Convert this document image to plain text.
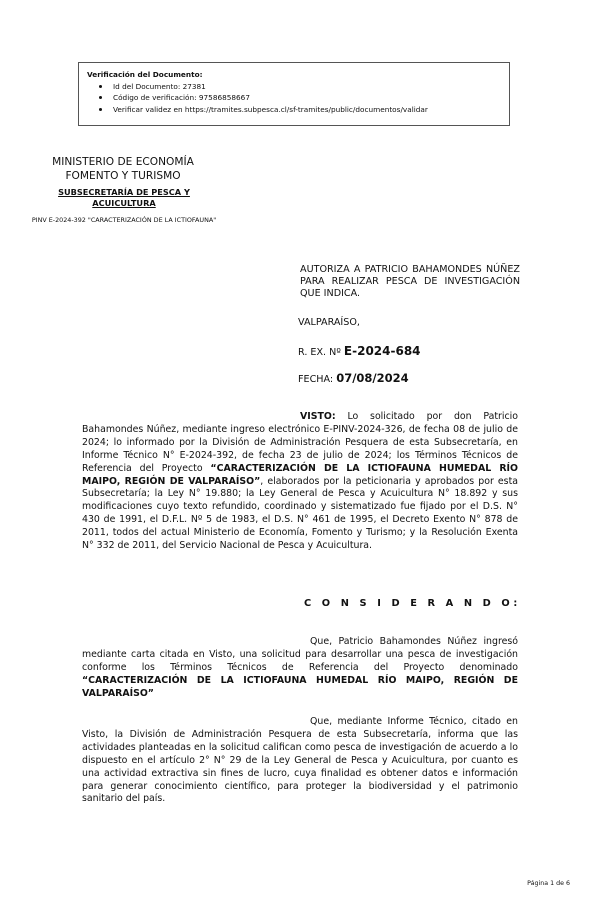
Verificación del Documento:
Id del Documento: 27381
Código de verificación: 97586858667
Verificar validez en https://tramites.subpesca.cl/sf-tramites/public/documentos/validar
MINISTERIO DE ECONOMÍA
FOMENTO Y TURISMO
SUBSECRETARÍA DE PESCA Y ACUICULTURA
PINV E-2024-392 "CARACTERIZACIÓN DE LA ICTIOFAUNA"
AUTORIZA A PATRICIO BAHAMONDES NÚÑEZ PARA REALIZAR PESCA DE INVESTIGACIÓN QUE INDICA.
VALPARAÍSO,
R. EX. Nº E-2024-684
FECHA: 07/08/2024
VISTO: Lo solicitado por don Patricio Bahamondes Núñez, mediante ingreso electrónico E-PINV-2024-326, de fecha 08 de julio de 2024; lo informado por la División de Administración Pesquera de esta Subsecretaría, en Informe Técnico N° E-2024-392, de fecha 23 de julio de 2024; los Términos Técnicos de Referencia del Proyecto “CARACTERIZACIÓN DE LA ICTIOFAUNA HUMEDAL RÍO MAIPO, REGIÓN DE VALPARAÍSO”, elaborados por la peticionaria y aprobados por esta Subsecretaría; la Ley N° 19.880; la Ley General de Pesca y Acuicultura N° 18.892 y sus modificaciones cuyo texto refundido, coordinado y sistematizado fue fijado por el D.S. N° 430 de 1991, el D.F.L. Nº 5 de 1983, el D.S. N° 461 de 1995, el Decreto Exento N° 878 de 2011, todos del actual Ministerio de Economía, Fomento y Turismo; y la Resolución Exenta N° 332 de 2011, del Servicio Nacional de Pesca y Acuicultura.
C O N S I D E R A N D O:
Que, Patricio Bahamondes Núñez ingresó mediante carta citada en Visto, una solicitud para desarrollar una pesca de investigación conforme los Términos Técnicos de Referencia del Proyecto denominado “CARACTERIZACIÓN DE LA ICTIOFAUNA HUMEDAL RÍO MAIPO, REGIÓN DE VALPARAÍSO”
Que, mediante Informe Técnico, citado en Visto, la División de Administración Pesquera de esta Subsecretaría, informa que las actividades planteadas en la solicitud califican como pesca de investigación de acuerdo a lo dispuesto en el artículo 2° N° 29 de la Ley General de Pesca y Acuicultura, por cuanto es una actividad extractiva sin fines de lucro, cuya finalidad es obtener datos e información para generar conocimiento científico, para proteger la biodiversidad y el patrimonio sanitario del país.
Página 1 de 6
